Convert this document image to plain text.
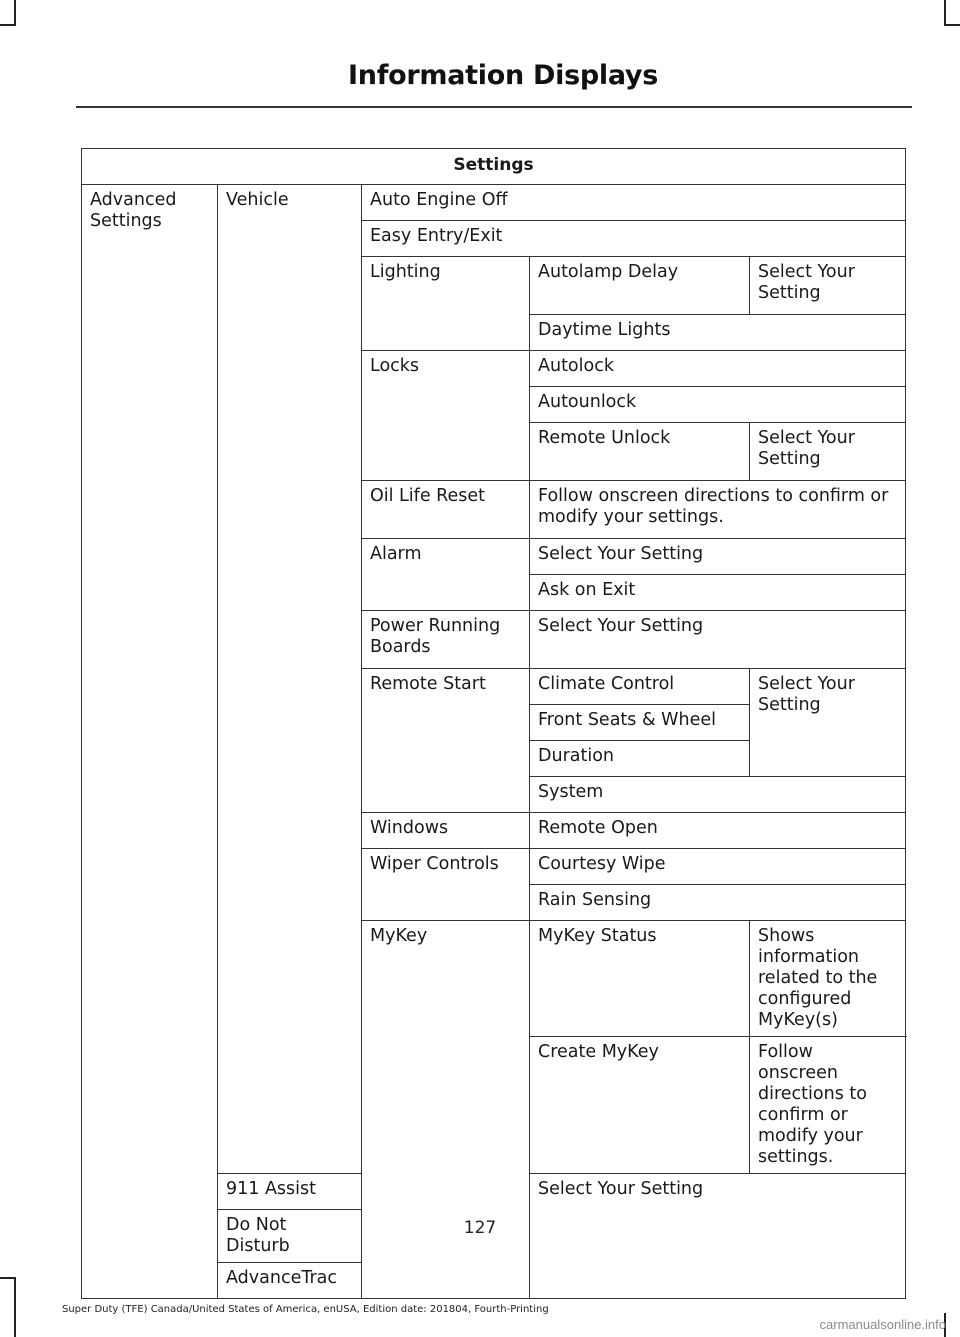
Information Displays
Settings				
Advanced Settings	Vehicle	Auto Engine Off		
		Easy Entry/Exit		
		Lighting	Autolamp Delay	Select Your Setting
			Daytime Lights	
		Locks	Autolock	
			Autounlock	
			Remote Unlock	Select Your Setting
		Oil Life Reset	Follow onscreen directions to confirm or modify your settings.	
		Alarm	Select Your Setting	
			Ask on Exit	
		Power Running Boards	Select Your Setting	
		Remote Start	Climate Control	Select Your Setting
			Front Seats & Wheel	
			Duration	
			System	
		Windows	Remote Open	
		Wiper Controls	Courtesy Wipe	
			Rain Sensing	
		MyKey	MyKey Status	Shows information related to the configured MyKey(s)
			Create MyKey	Follow onscreen directions to confirm or modify your settings.
	911 Assist		Select Your Setting	
	Do Not Disturb			
	AdvanceTrac			
127
Super Duty (TFE) Canada/United States of America, enUSA, Edition date: 201804, Fourth-Printing
carmanualsonline.info
